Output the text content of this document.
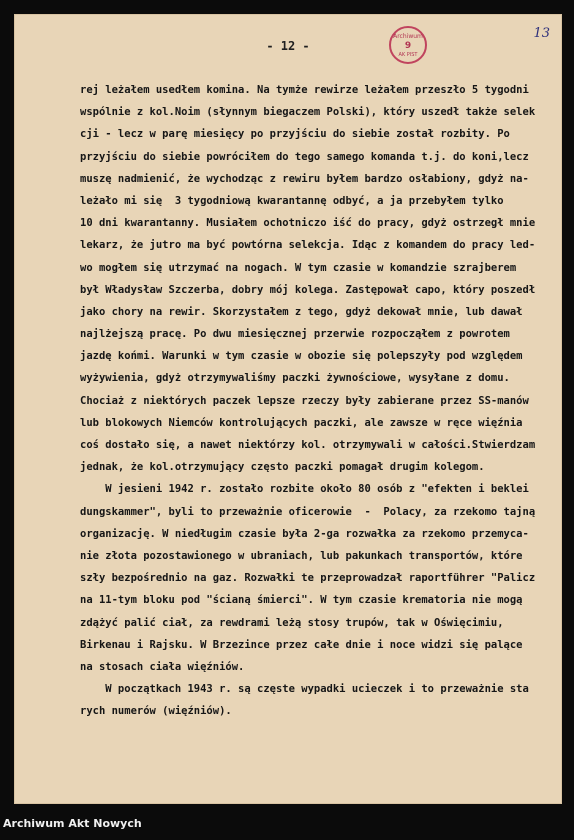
Archiwum
9
AK PIST
13
- 12 -
rej leżałem usedłem komina. Na tymże rewirze leżałem przeszło 5 tygodni
wspólnie z kol.Noim (słynnym biegaczem Polski), który uszedł także selek
cji - lecz w parę miesięcy po przyjściu do siebie został rozbity. Po
przyjściu do siebie powróciłem do tego samego komanda t.j. do koni,lecz
muszę nadmienić, że wychodząc z rewiru byłem bardzo osłabiony, gdyż na-
leżało mi się  3 tygodniową kwarantannę odbyć, a ja przebyłem tylko
10 dni kwarantanny. Musiałem ochotniczo iść do pracy, gdyż ostrzegł mnie
lekarz, że jutro ma być powtórna selekcja. Idąc z komandem do pracy led-
wo mogłem się utrzymać na nogach. W tym czasie w komandzie szrajberem
był Władysław Szczerba, dobry mój kolega. Zastępował capo, który poszedł
jako chory na rewir. Skorzystałem z tego, gdyż dekował mnie, lub dawał
najlżejszą pracę. Po dwu miesięcznej przerwie rozpocząłem z powrotem
jazdę końmi. Warunki w tym czasie w obozie się polepszyły pod względem
wyżywienia, gdyż otrzymywaliśmy paczki żywnościowe, wysyłane z domu.
Chociaż z niektórych paczek lepsze rzeczy były zabierane przez SS-manów
lub blokowych Niemców kontrolujących paczki, ale zawsze w ręce więźnia
coś dostało się, a nawet niektórzy kol. otrzymywali w całości.Stwierdzam
jednak, że kol.otrzymujący często paczki pomagał drugim kolegom.
W jesieni 1942 r. zostało rozbite około 80 osób z "efekten i beklei
dungskammer", byli to przeważnie oficerowie  -  Polacy, za rzekomo tajną
organizację. W niedługim czasie była 2-ga rozwałka za rzekomo przemyca-
nie złota pozostawionego w ubraniach, lub pakunkach transportów, które
szły bezpośrednio na gaz. Rozwałki te przeprowadzał raportführer "Palicz
na 11-tym bloku pod "ścianą śmierci". W tym czasie krematoria nie mogą
zdążyć palić ciał, za rewdrami leżą stosy trupów, tak w Oświęcimiu,
Birkenau i Rajsku. W Brzezince przez całe dnie i noce widzi się palące
na stosach ciała więźniów.
W początkach 1943 r. są częste wypadki ucieczek i to przeważnie sta
rych numerów (więźniów).
Archiwum Akt Nowych
